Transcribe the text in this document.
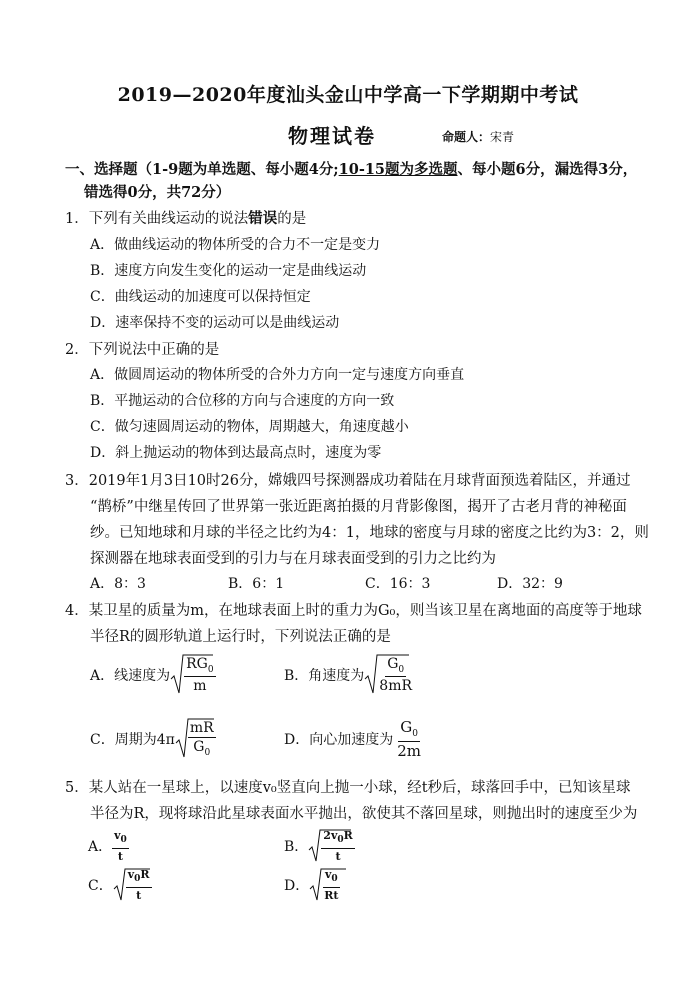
2019—2020年度汕头金山中学高一下学期期中考试
物理试卷	命题人：宋青
一、选择题（1-9题为单选题、每小题4分;10-15题为多选题、每小题6分，漏选得3分，
错选得0分，共72分）
1．下列有关曲线运动的说法错误的是
A．做曲线运动的物体所受的合力不一定是变力
B．速度方向发生变化的运动一定是曲线运动
C．曲线运动的加速度可以保持恒定
D．速率保持不变的运动可以是曲线运动
2．下列说法中正确的是
A．做圆周运动的物体所受的合外力方向一定与速度方向垂直
B．平抛运动的合位移的方向与合速度的方向一致
C．做匀速圆周运动的物体，周期越大，角速度越小
D．斜上抛运动的物体到达最高点时，速度为零
3．2019年1月3日10时26分，嫦娥四号探测器成功着陆在月球背面预选着陆区，并通过
“鹊桥”中继星传回了世界第一张近距离拍摄的月背影像图，揭开了古老月背的神秘面
纱。已知地球和月球的半径之比约为4：1，地球的密度与月球的密度之比约为3：2，则
探测器在地球表面受到的引力与在月球表面受到的引力之比约为
A．8：3	B．6：1	C．16：3	D．32：9
4．某卫星的质量为m，在地球表面上时的重力为G₀，则当该卫星在离地面的高度等于地球
半径R的圆形轨道上运行时，下列说法正确的是
A．线速度为 $\frac{RG_0}{m}$	B．角速度为 $\frac{G_0}{8mR}$
C．周期为$4\pi \frac{mR}{G_0}$	D．向心加速度为 $\frac{G_0}{2m}$
5．某人站在一星球上，以速度v₀竖直向上抛一小球，经t秒后，球落回手中，已知该星球
半径为R，现将球沿此星球表面水平抛出，欲使其不落回星球，则抛出时的速度至少为
A． $\frac{v_0}{t}$	B． $\frac{2v_0R}{t}$
C． $\frac{v_0R}{t}$	D． $\frac{v_0}{Rt}$
